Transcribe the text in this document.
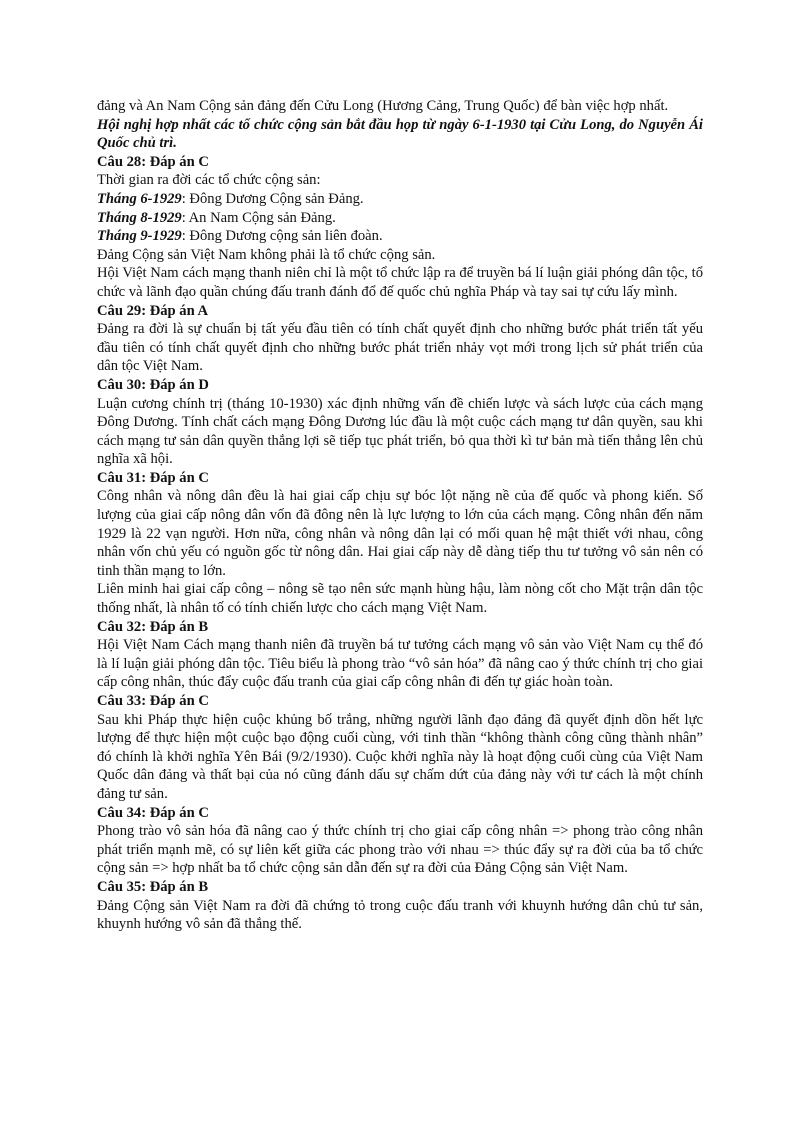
đảng và An Nam Cộng sản đảng đến Cửu Long (Hương Cảng, Trung Quốc) để bàn việc hợp nhất.

Hội nghị hợp nhất các tổ chức cộng sản bắt đầu họp từ ngày 6-1-1930 tại Cửu Long, do Nguyễn Ái Quốc chủ trì.

Câu 28: Đáp án C

Thời gian ra đời các tổ chức cộng sản:

Tháng 6-1929: Đông Dương Cộng sản Đảng.

Tháng 8-1929: An Nam Cộng sản Đảng.

Tháng 9-1929: Đông Dương cộng sản liên đoàn.

Đảng Cộng sản Việt Nam không phải là tổ chức cộng sản.

Hội Việt Nam cách mạng thanh niên chỉ là một tổ chức lập ra để truyền bá lí luận giải phóng dân tộc, tổ chức và lãnh đạo quần chúng đấu tranh đánh đổ đế quốc chủ nghĩa Pháp và tay sai tự cứu lấy mình.

Câu 29: Đáp án A

Đảng ra đời là sự chuẩn bị tất yếu đầu tiên có tính chất quyết định cho những bước phát triển tất yếu đầu tiên có tính chất quyết định cho những bước phát triển nhảy vọt mới trong lịch sử phát triển của dân tộc Việt Nam.

Câu 30: Đáp án D

Luận cương chính trị (tháng 10-1930) xác định những vấn đề chiến lược và sách lược của cách mạng Đông Dương. Tính chất cách mạng Đông Dương lúc đầu là một cuộc cách mạng tư dân quyền, sau khi cách mạng tư sản dân quyền thắng lợi sẽ tiếp tục phát triển, bỏ qua thời kì tư bản mà tiến thẳng lên chủ nghĩa xã hội.

Câu 31: Đáp án C

Công nhân và nông dân đều là hai giai cấp chịu sự bóc lột nặng nề của đế quốc và phong kiến. Số lượng của giai cấp nông dân vốn đã đông nên là lực lượng to lớn của cách mạng. Công nhân đến năm 1929 là 22 vạn người. Hơn nữa, công nhân và nông dân lại có mối quan hệ mật thiết với nhau, công nhân vốn chủ yếu có nguồn gốc từ nông dân. Hai giai cấp này dễ dàng tiếp thu tư tưởng vô sản nên có tinh thần mạng to lớn.

Liên minh hai giai cấp công – nông sẽ tạo nên sức mạnh hùng hậu, làm nòng cốt cho Mặt trận dân tộc thống nhất, là nhân tố có tính chiến lược cho cách mạng Việt Nam.

Câu 32: Đáp án B

Hội Việt Nam Cách mạng thanh niên đã truyền bá tư tưởng cách mạng vô sản vào Việt Nam cụ thể đó là lí luận giải phóng dân tộc. Tiêu biểu là phong trào “vô sản hóa” đã nâng cao ý thức chính trị cho giai cấp công nhân, thúc đẩy cuộc đấu tranh của giai cấp công nhân đi đến tự giác hoàn toàn.

Câu 33: Đáp án C

Sau khi Pháp thực hiện cuộc khủng bố trắng, những người lãnh đạo đảng đã quyết định dồn hết lực lượng để thực hiện một cuộc bạo động cuối cùng, với tinh thần “không thành công cũng thành nhân” đó chính là khởi nghĩa Yên Bái (9/2/1930). Cuộc khởi nghĩa này là hoạt động cuối cùng của Việt Nam Quốc dân đảng và thất bại của nó cũng đánh dấu sự chấm dứt của đảng này với tư cách là một chính đảng tư sản.

Câu 34: Đáp án C

Phong trào vô sản hóa đã nâng cao ý thức chính trị cho giai cấp công nhân => phong trào công nhân phát triển mạnh mẽ, có sự liên kết giữa các phong trào với nhau => thúc đẩy sự ra đời của ba tổ chức cộng sản => hợp nhất ba tổ chức cộng sản dẫn đến sự ra đời của Đảng Cộng sản Việt Nam.

Câu 35: Đáp án B

Đảng Cộng sản Việt Nam ra đời đã chứng tỏ trong cuộc đấu tranh với khuynh hướng dân chủ tư sản, khuynh hướng vô sản đã thắng thế.
